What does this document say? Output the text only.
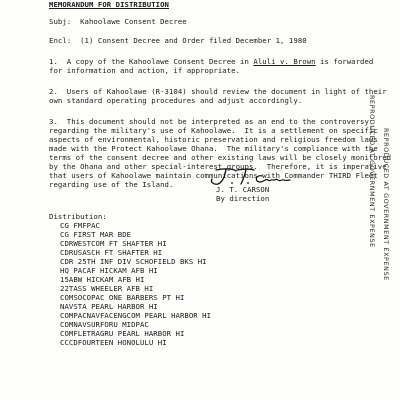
MEMORANDUM FOR DISTRIBUTION

Subj:  Kahoolawe Consent Decree

Encl:  (1) Consent Decree and Order filed December 1, 1980

1.  A copy of the Kahoolawe Consent Decree in Aluli v. Brown is forwarded

for information and action, if appropriate.

2.  Users of Kahoolawe (R-3104) should review the document in light of their

own standard operating procedures and adjust accordingly.

3.  This document should not be interpreted as an end to the controversy

regarding the military's use of Kahoolawe.  It is a settlement on specific

aspects of environmental, historic preservation and religious freedom laws

made with the Protect Kahoolawe Ohana.  The military's compliance with the

terms of the consent decree and other existing laws will be closely monitored

by the Ohana and other special-interest groups.  Therefore, it is imperative

that users of Kahoolawe maintain communications with Commander THIRD Fleet

regarding use of the Island.

J. T. CARSON

By direction

Distribution:

CG FMFPAC

CG FIRST MAR BDE

CDRWESTCOM FT SHAFTER HI

CDRUSASCH FT SHAFTER HI

CDR 25TH INF DIV SCHOFIELD BKS HI

HQ PACAF HICKAM AFB HI

15ABW HICKAM AFB HI

22TASS WHEELER AFB HI

COMSOCOPAC ONE BARBERS PT HI

NAVSTA PEARL HARBOR HI

COMPACNAVFACENGCOM PEARL HARBOR HI

COMNAVSURFORU MIDPAC

COMFLETRAGRU PEARL HARBOR HI

CCCDFOURTEEN HONOLULU HI

REPRODUCED AT GOVERNMENT EXPENSE REPRODUCED AT GOVERNMENT EXPENSE
